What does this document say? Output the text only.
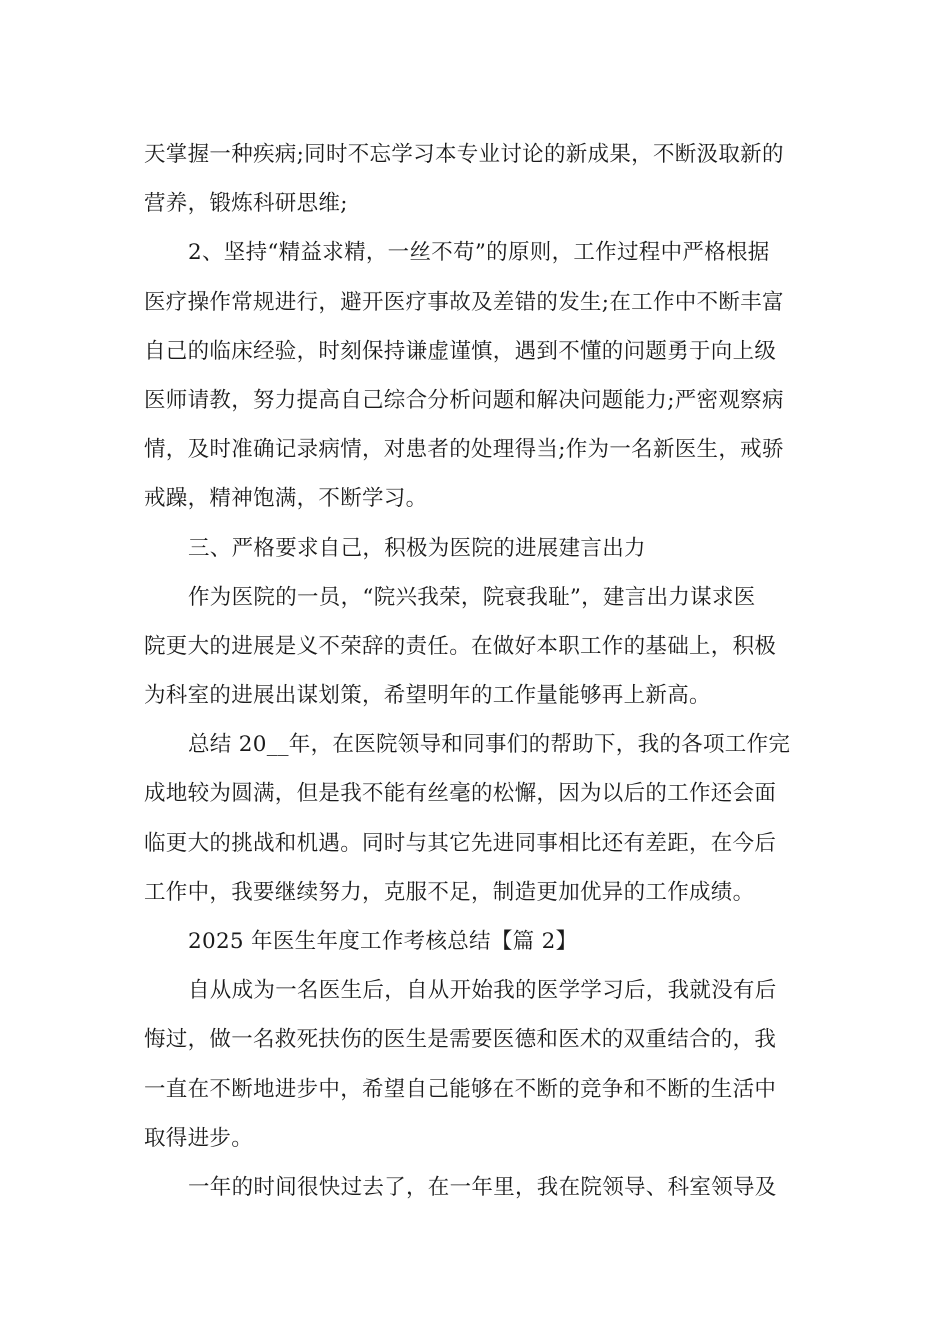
天掌握一种疾病;同时不忘学习本专业讨论的新成果，不断汲取新的
营养，锻炼科研思维;
2、坚持“精益求精，一丝不苟”的原则，工作过程中严格根据
医疗操作常规进行，避开医疗事故及差错的发生;在工作中不断丰富
自己的临床经验，时刻保持谦虚谨慎，遇到不懂的问题勇于向上级
医师请教，努力提高自己综合分析问题和解决问题能力;严密观察病
情，及时准确记录病情，对患者的处理得当;作为一名新医生，戒骄
戒躁，精神饱满，不断学习。
三、严格要求自己，积极为医院的进展建言出力
作为医院的一员，“院兴我荣，院衰我耻”，建言出力谋求医
院更大的进展是义不荣辞的责任。在做好本职工作的基础上，积极
为科室的进展出谋划策，希望明年的工作量能够再上新高。
总结 20__年，在医院领导和同事们的帮助下，我的各项工作完
成地较为圆满，但是我不能有丝毫的松懈，因为以后的工作还会面
临更大的挑战和机遇。同时与其它先进同事相比还有差距，在今后
工作中，我要继续努力，克服不足，制造更加优异的工作成绩。
2025 年医生年度工作考核总结【篇 2】
自从成为一名医生后，自从开始我的医学学习后，我就没有后
悔过，做一名救死扶伤的医生是需要医德和医术的双重结合的，我
一直在不断地进步中，希望自己能够在不断的竞争和不断的生活中
取得进步。
一年的时间很快过去了，在一年里，我在院领导、科室领导及
